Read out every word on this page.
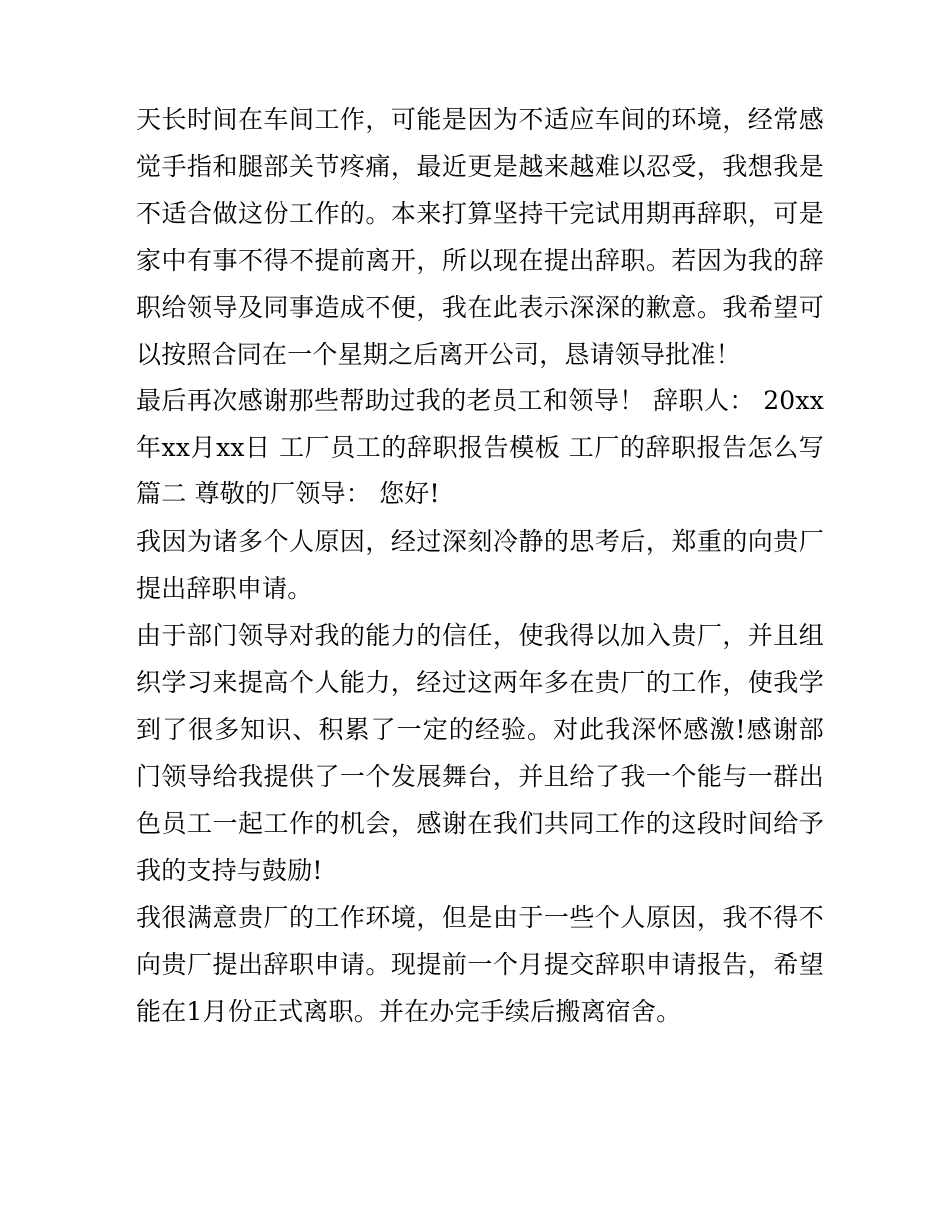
天长时间在车间工作，可能是因为不适应车间的环境，经常感觉手指和腿部关节疼痛，最近更是越来越难以忍受，我想我是不适合做这份工作的。本来打算坚持干完试用期再辞职，可是家中有事不得不提前离开，所以现在提出辞职。若因为我的辞职给领导及同事造成不便，我在此表示深深的歉意。我希望可以按照合同在一个星期之后离开公司，恳请领导批准！

最后再次感谢那些帮助过我的老员工和领导！ 辞职人： 20xx年xx月xx日 工厂员工的辞职报告模板 工厂的辞职报告怎么写篇二 尊敬的厂领导： 您好!

我因为诸多个人原因，经过深刻冷静的思考后，郑重的向贵厂提出辞职申请。

由于部门领导对我的能力的信任，使我得以加入贵厂，并且组织学习来提高个人能力，经过这两年多在贵厂的工作，使我学到了很多知识、积累了一定的经验。对此我深怀感激!感谢部门领导给我提供了一个发展舞台，并且给了我一个能与一群出色员工一起工作的机会，感谢在我们共同工作的这段时间给予我的支持与鼓励!

我很满意贵厂的工作环境，但是由于一些个人原因，我不得不向贵厂提出辞职申请。现提前一个月提交辞职申请报告，希望能在1月份正式离职。并在办完手续后搬离宿舍。
